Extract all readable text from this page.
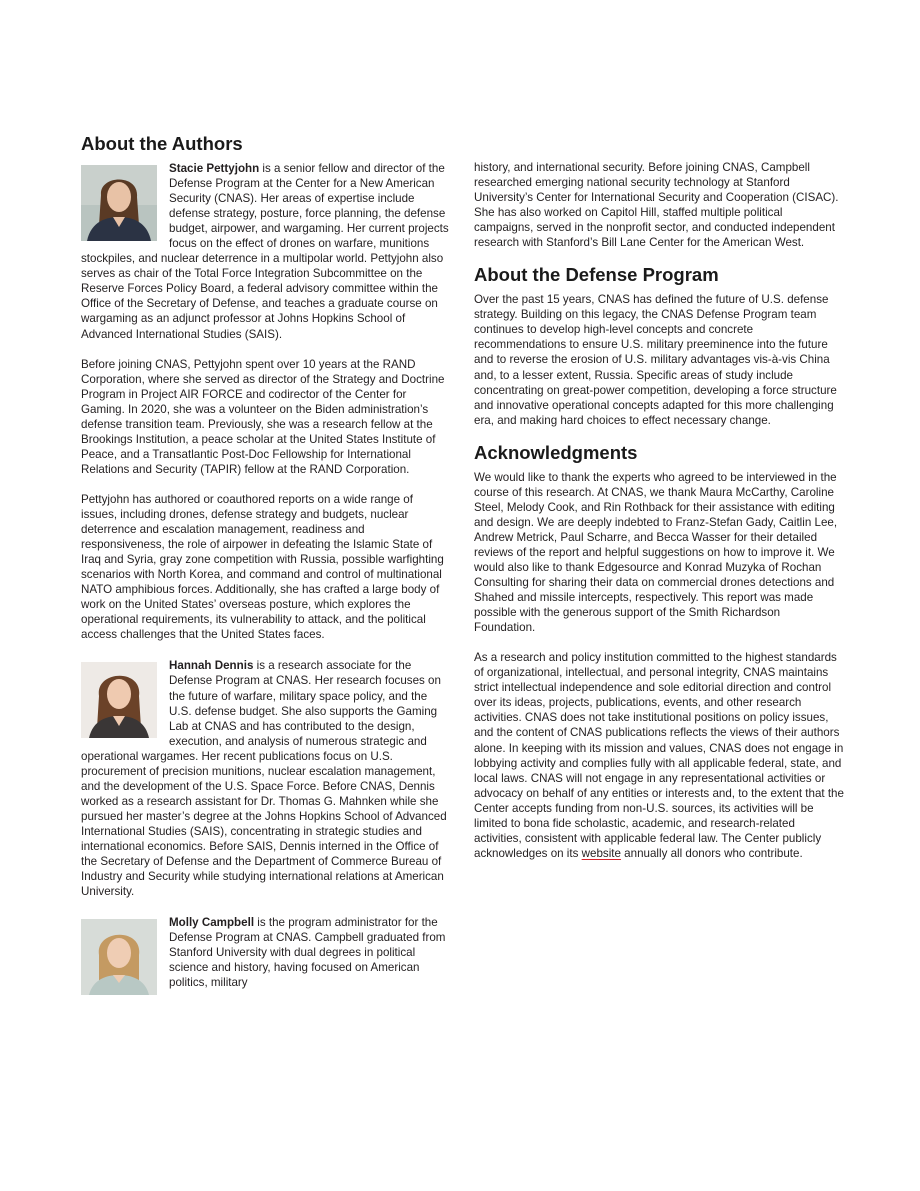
About the Authors

Stacie Pettyjohn is a senior fellow and director of the Defense Program at the Center for a New American Security (CNAS). Her areas of expertise include defense strategy, posture, force planning, the defense budget, airpower, and wargaming. Her current projects focus on the effect of drones on warfare, munitions stockpiles, and nuclear deterrence in a multipolar world. Pettyjohn also serves as chair of the Total Force Integration Subcommittee on the Reserve Forces Policy Board, a federal advisory committee within the Office of the Secretary of Defense, and teaches a graduate course on wargaming as an adjunct professor at Johns Hopkins School of Advanced International Studies (SAIS).

Before joining CNAS, Pettyjohn spent over 10 years at the RAND Corporation, where she served as director of the Strategy and Doctrine Program in Project AIR FORCE and codirector of the Center for Gaming. In 2020, she was a volunteer on the Biden administration’s defense transition team. Previously, she was a research fellow at the Brookings Institution, a peace scholar at the United States Institute of Peace, and a Transatlantic Post-Doc Fellowship for International Relations and Security (TAPIR) fellow at the RAND Corporation.

Pettyjohn has authored or coauthored reports on a wide range of issues, including drones, defense strategy and budgets, nuclear deterrence and escalation management, readiness and responsiveness, the role of airpower in defeating the Islamic State of Iraq and Syria, gray zone competition with Russia, possible warfighting scenarios with North Korea, and command and control of multinational NATO amphibious forces. Additionally, she has crafted a large body of work on the United States’ overseas posture, which explores the operational requirements, its vulnerability to attack, and the political access challenges that the United States faces.

Hannah Dennis is a research associate for the Defense Program at CNAS. Her research focuses on the future of warfare, military space policy, and the U.S. defense budget. She also supports the Gaming Lab at CNAS and has contributed to the design, execution, and analysis of numerous strategic and operational wargames. Her recent publications focus on U.S. procurement of precision munitions, nuclear escalation management, and the development of the U.S. Space Force. Before CNAS, Dennis worked as a research assistant for Dr. Thomas G. Mahnken while she pursued her master’s degree at the Johns Hopkins School of Advanced International Studies (SAIS), concentrating in strategic studies and international economics. Before SAIS, Dennis interned in the Office of the Secretary of Defense and the Department of Commerce Bureau of Industry and Security while studying international relations at American University.

Molly Campbell is the program administrator for the Defense Program at CNAS. Campbell graduated from Stanford University with dual degrees in political science and history, having focused on American politics, military

history, and international security. Before joining CNAS, Campbell researched emerging national security technology at Stanford University’s Center for International Security and Cooperation (CISAC). She has also worked on Capitol Hill, staffed multiple political campaigns, served in the nonprofit sector, and conducted independent research with Stanford’s Bill Lane Center for the American West.

About the Defense Program

Over the past 15 years, CNAS has defined the future of U.S. defense strategy. Building on this legacy, the CNAS Defense Program team continues to develop high-level concepts and concrete recommendations to ensure U.S. military preeminence into the future and to reverse the erosion of U.S. military advantages vis-à-vis China and, to a lesser extent, Russia. Specific areas of study include concentrating on great-power competition, developing a force structure and innovative operational concepts adapted for this more challenging era, and making hard choices to effect necessary change.

Acknowledgments

We would like to thank the experts who agreed to be interviewed in the course of this research. At CNAS, we thank Maura McCarthy, Caroline Steel, Melody Cook, and Rin Rothback for their assistance with editing and design. We are deeply indebted to Franz-Stefan Gady, Caitlin Lee, Andrew Metrick, Paul Scharre, and Becca Wasser for their detailed reviews of the report and helpful suggestions on how to improve it. We would also like to thank Edgesource and Konrad Muzyka of Rochan Consulting for sharing their data on commercial drones detections and Shahed and missile intercepts, respectively. This report was made possible with the generous support of the Smith Richardson Foundation.

As a research and policy institution committed to the highest standards of organizational, intellectual, and personal integrity, CNAS maintains strict intellectual independence and sole editorial direction and control over its ideas, projects, publications, events, and other research activities. CNAS does not take institutional positions on policy issues, and the content of CNAS publications reflects the views of their authors alone. In keeping with its mission and values, CNAS does not engage in lobbying activity and complies fully with all applicable federal, state, and local laws. CNAS will not engage in any representational activities or advocacy on behalf of any entities or interests and, to the extent that the Center accepts funding from non-U.S. sources, its activities will be limited to bona fide scholastic, academic, and research-related activities, consistent with applicable federal law. The Center publicly acknowledges on its website annually all donors who contribute.
